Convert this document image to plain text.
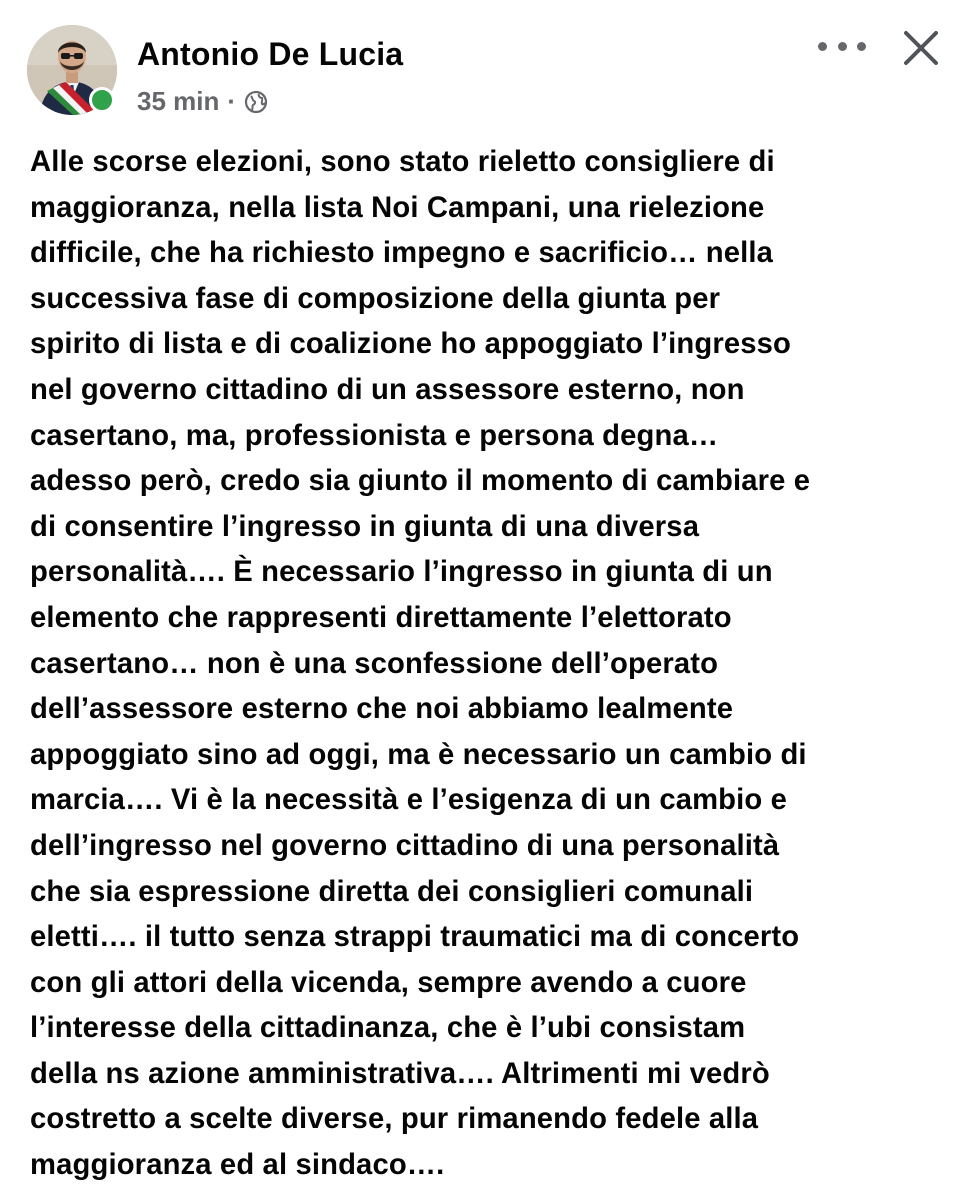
Antonio De Lucia
35 min ·
Alle scorse elezioni, sono stato rieletto consigliere di
maggioranza, nella lista Noi Campani, una rielezione
difficile, che ha richiesto impegno e sacrificio… nella
successiva fase di composizione della giunta per
spirito di lista e di coalizione ho appoggiato l’ingresso
nel governo cittadino di un assessore esterno, non
casertano, ma, professionista e persona degna…
adesso però, credo sia giunto il momento di cambiare e
di consentire l’ingresso in giunta di una diversa
personalità…. È necessario l’ingresso in giunta di un
elemento che rappresenti direttamente l’elettorato
casertano… non è una sconfessione dell’operato
dell’assessore esterno che noi abbiamo lealmente
appoggiato sino ad oggi, ma è necessario un cambio di
marcia…. Vi è la necessità e l’esigenza di un cambio e
dell’ingresso nel governo cittadino di una personalità
che sia espressione diretta dei consiglieri comunali
eletti…. il tutto senza strappi traumatici ma di concerto
con gli attori della vicenda, sempre avendo a cuore
l’interesse della cittadinanza, che è l’ubi consistam
della ns azione amministrativa…. Altrimenti mi vedrò
costretto a scelte diverse, pur rimanendo fedele alla
maggioranza ed al sindaco….
